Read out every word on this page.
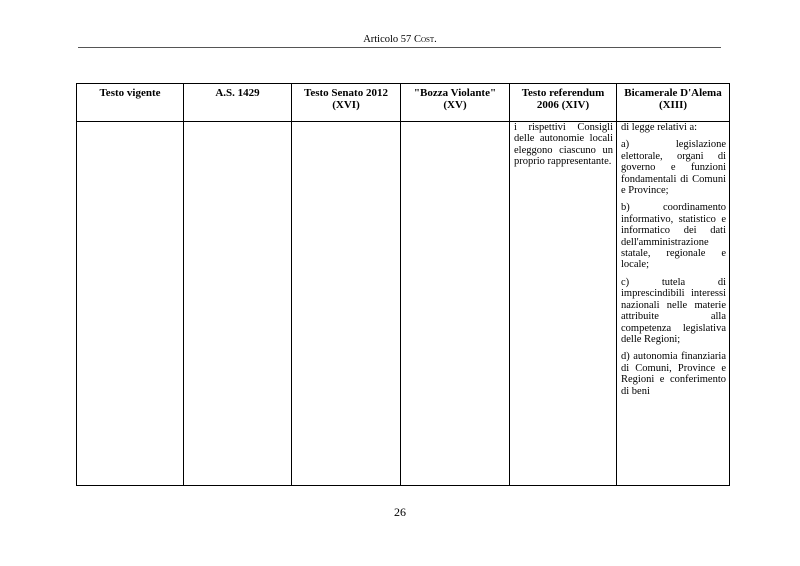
Articolo 57 Cost.
Testo vigente	A.S. 1429	Testo Senato 2012 (XVI)	"Bozza Violante" (XV)	Testo referendum 2006 (XIV)	Bicamerale D'Alema (XIII)

				i rispettivi Consigli delle autonomie locali eleggono ciascuno un proprio rappresentante.	di legge relativi a:

a) legislazione elettorale, organi di governo e funzioni fondamentali di Comuni e Province;

b) coordinamento informativo, statistico e informatico dei dati dell'amministrazione statale, regionale e locale;

c) tutela di imprescindibili interessi nazionali nelle materie attribuite alla competenza legislativa delle Regioni;

d) autonomia finanziaria di Comuni, Province e Regioni e conferimento di beni

26
